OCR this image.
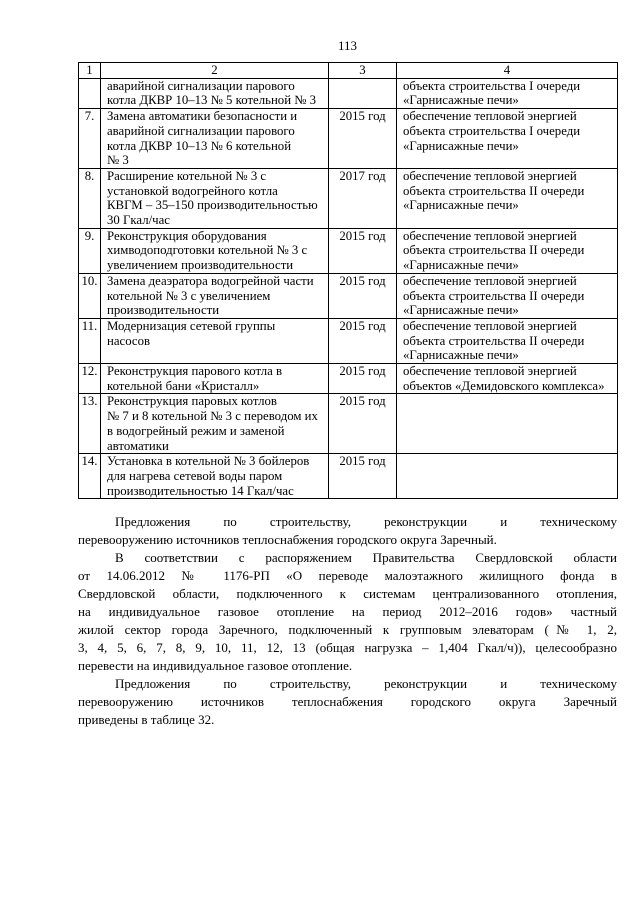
113
1	2	3	4
	аварийной сигнализации парового
котла ДКВР 10–13 № 5 котельной № 3		объекта строительства I очереди
«Гарнисажные печи»
7.	Замена автоматики безопасности и
аварийной сигнализации парового
котла ДКВР 10–13 № 6 котельной
№ 3	2015 год	обеспечение тепловой энергией
объекта строительства I очереди
«Гарнисажные печи»
8.	Расширение котельной № 3 с
установкой водогрейного котла
КВГМ – 35–150 производительностью
30 Гкал/час	2017 год	обеспечение тепловой энергией
объекта строительства II очереди
«Гарнисажные печи»
9.	Реконструкция оборудования
химводоподготовки котельной № 3 с
увеличением производительности	2015 год	обеспечение тепловой энергией
объекта строительства II очереди
«Гарнисажные печи»
10.	Замена деаэратора водогрейной части
котельной № 3 с увеличением
производительности	2015 год	обеспечение тепловой энергией
объекта строительства II очереди
«Гарнисажные печи»
11.	Модернизация сетевой группы
насосов	2015 год	обеспечение тепловой энергией
объекта строительства II очереди
«Гарнисажные печи»
12.	Реконструкция парового котла в
котельной бани «Кристалл»	2015 год	обеспечение тепловой энергией
объектов «Демидовского комплекса»
13.	Реконструкция паровых котлов
№ 7 и 8 котельной № 3 с переводом их
в водогрейный режим и заменой
автоматики	2015 год	
14.	Установка в котельной № 3 бойлеров
для нагрева сетевой воды паром
производительностью 14 Гкал/час	2015 год	

Предложения по строительству, реконструкции и техническому
перевооружению источников теплоснабжения городского округа Заречный.

В соответствии с распоряжением Правительства Свердловской области
от 14.06.2012 № 1176-РП «О переводе малоэтажного жилищного фонда в
Свердловской области, подключенного к системам централизованного отопления,
на индивидуальное газовое отопление на период 2012–2016 годов» частный
жилой сектор города Заречного, подключенный к групповым элеваторам (№ 1, 2,
3, 4, 5, 6, 7, 8, 9, 10, 11, 12, 13 (общая нагрузка – 1,404 Гкал/ч)), целесообразно
перевести на индивидуальное газовое отопление.

Предложения по строительству, реконструкции и техническому
перевооружению источников теплоснабжения городского округа Заречный
приведены в таблице 32.
